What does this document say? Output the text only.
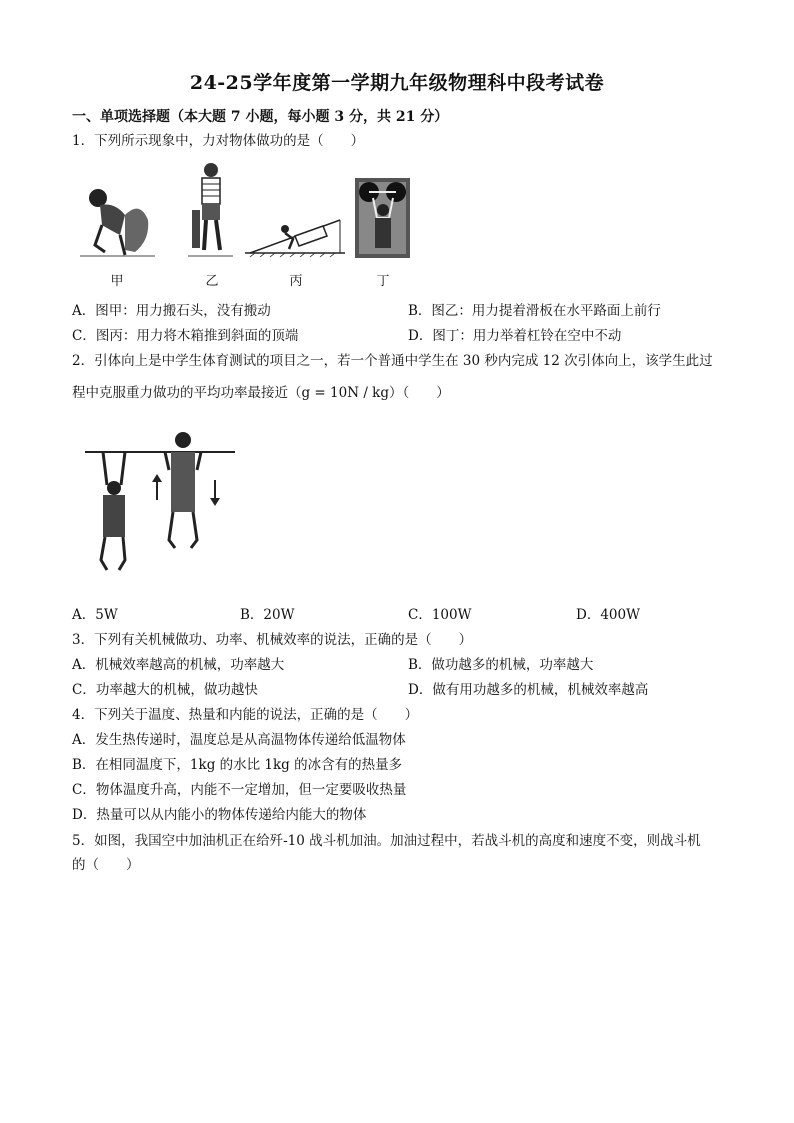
24-25学年度第一学期九年级物理科中段考试卷
一、单项选择题（本大题 7 小题，每小题 3 分，共 21 分）
1．下列所示现象中，力对物体做功的是（　　）
甲	乙	丙	丁
A．图甲：用力搬石头，没有搬动	B．图乙：用力提着滑板在水平路面上前行
C．图丙：用力将木箱推到斜面的顶端	D．图丁：用力举着杠铃在空中不动
2．引体向上是中学生体育测试的项目之一，若一个普通中学生在 30 秒内完成 12 次引体向上，该学生此过
程中克服重力做功的平均功率最接近（g = 10N / kg）（　　）
A．5W	B．20W	C．100W	D．400W
3．下列有关机械做功、功率、机械效率的说法，正确的是（　　）
A．机械效率越高的机械，功率越大	B．做功越多的机械，功率越大
C．功率越大的机械，做功越快	D．做有用功越多的机械，机械效率越高
4．下列关于温度、热量和内能的说法，正确的是（　　）
A．发生热传递时，温度总是从高温物体传递给低温物体
B．在相同温度下，1kg 的水比 1kg 的冰含有的热量多
C．物体温度升高，内能不一定增加，但一定要吸收热量
D．热量可以从内能小的物体传递给内能大的物体
5．如图，我国空中加油机正在给歼-10 战斗机加油。加油过程中，若战斗机的高度和速度不变，则战斗机
的（　　）
